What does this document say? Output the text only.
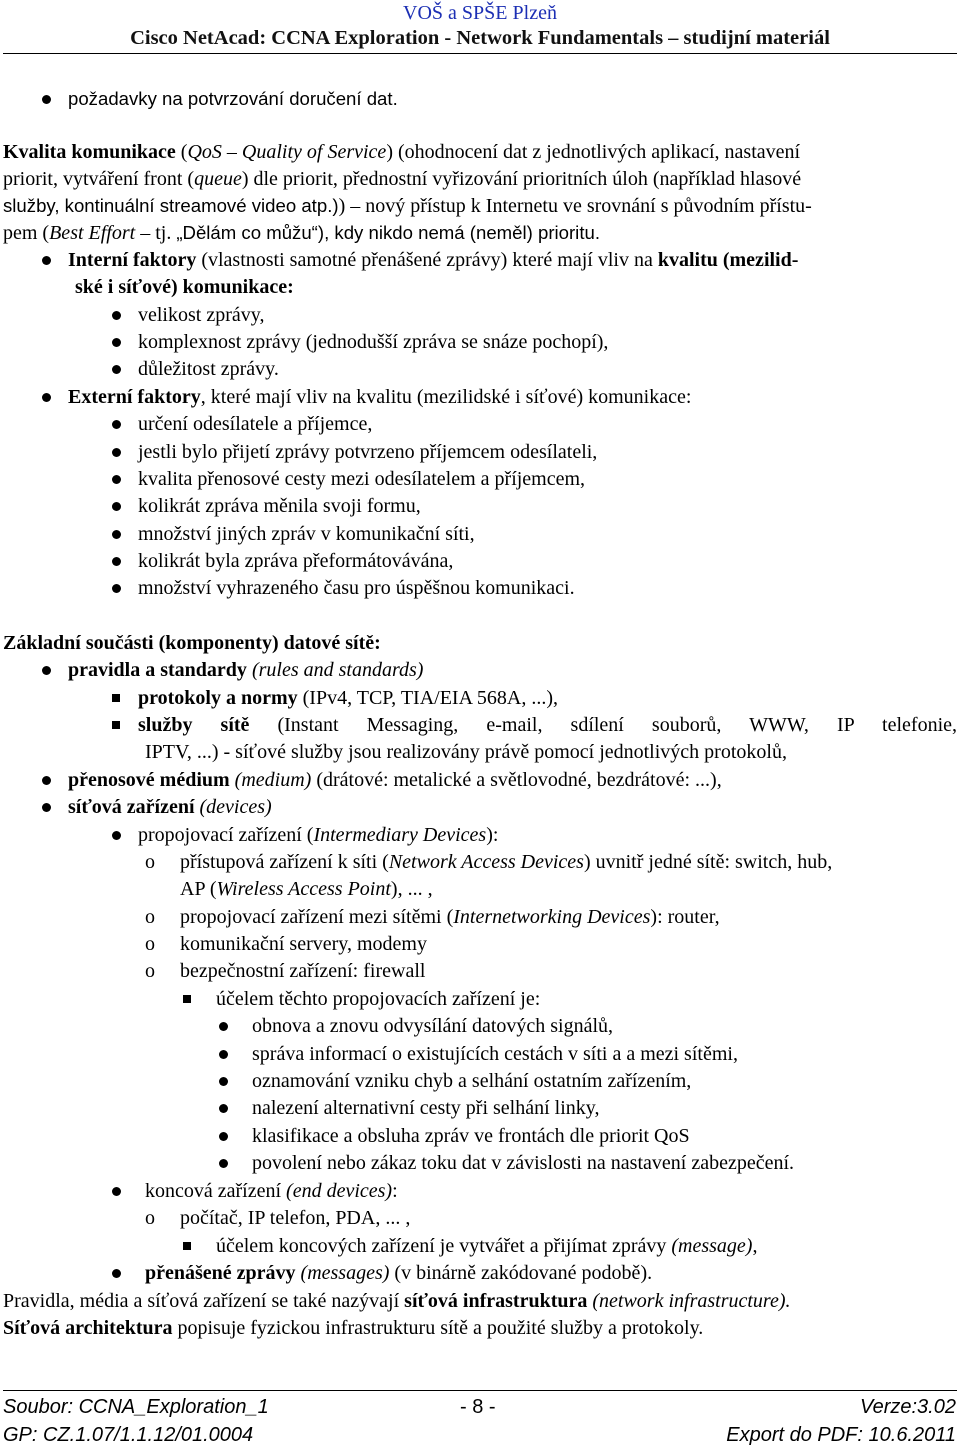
VOŠ a SPŠE Plzeň
Cisco NetAcad: CCNA Exploration - Network Fundamentals – studijní materiál
požadavky na potvrzování doručení dat.
Kvalita komunikace (QoS – Quality of Service) (ohodnocení dat z jednotlivých aplikací, nastavení
priorit, vytváření front (queue) dle priorit, přednostní vyřizování prioritních úloh (například hlasové
služby, kontinuální streamové video atp.)) – nový přístup k Internetu ve srovnání s původním přístu-
pem (Best Effort – tj. „Dělám co můžu“), kdy nikdo nemá (neměl) prioritu.
Interní faktory (vlastnosti samotné přenášené zprávy) které mají vliv na kvalitu (mezilid-
ské i síťové) komunikace:
velikost zprávy,
komplexnost zprávy (jednodušší zpráva se snáze pochopí),
důležitost zprávy.
Externí faktory, které mají vliv na kvalitu (mezilidské i síťové) komunikace:
určení odesílatele a příjemce,
jestli bylo přijetí zprávy potvrzeno příjemcem odesílateli,
kvalita přenosové cesty mezi odesílatelem a příjemcem,
kolikrát zpráva měnila svoji formu,
množství jiných zpráv v komunikační síti,
kolikrát byla zpráva přeformátovávána,
množství vyhrazeného času pro úspěšnou komunikaci.
Základní součásti (komponenty) datové sítě:
pravidla a standardy (rules and standards)
protokoly a normy (IPv4, TCP, TIA/EIA 568A, ...),
služby sítě (Instant Messaging, e-mail, sdílení souborů, WWW, IP telefonie,
IPTV, ...) - síťové služby jsou realizovány právě pomocí jednotlivých protokolů,
přenosové médium (medium) (drátové: metalické a světlovodné, bezdrátové: ...),
síťová zařízení (devices)
propojovací zařízení (Intermediary Devices):
o přístupová zařízení k síti (Network Access Devices) uvnitř jedné sítě: switch, hub,
AP (Wireless Access Point), ... ,
o propojovací zařízení mezi sítěmi (Internetworking Devices): router,
o komunikační servery, modemy
o bezpečnostní zařízení: firewall
účelem těchto propojovacích zařízení je:
obnova a znovu odvysílání datových signálů,
správa informací o existujících cestách v síti a a mezi sítěmi,
oznamování vzniku chyb a selhání ostatním zařízením,
nalezení alternativní cesty při selhání linky,
klasifikace a obsluha zpráv ve frontách dle priorit QoS
povolení nebo zákaz toku dat v závislosti na nastavení zabezpečení.
koncová zařízení (end devices):
o počítač, IP telefon, PDA, ... ,
účelem koncových zařízení je vytvářet a přijímat zprávy (message),
přenášené zprávy (messages) (v binárně zakódované podobě).
Pravidla, média a síťová zařízení se také nazývají síťová infrastruktura (network infrastructure).
Síťová architektura popisuje fyzickou infrastrukturu sítě a použité služby a protokoly.
Soubor: CCNA_Exploration_1	- 8 -	Verze:3.02
GP: CZ.1.07/1.1.12/01.0004	Export do PDF: 10.6.2011
